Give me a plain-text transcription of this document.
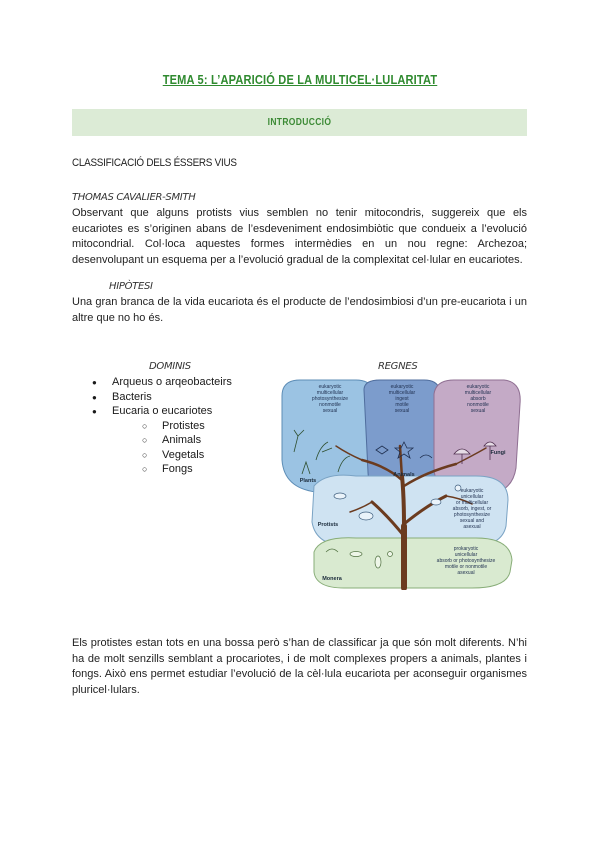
TEMA 5: L’APARICIÓ DE LA MULTICEL·LULARITAT
INTRODUCCIÓ
CLASSIFICACIÓ DELS ÉSSERS VIUS
THOMAS CAVALIER-SMITH
Observant que alguns protists vius semblen no tenir mitocondris, suggereix que els eucariotes es s’originen abans de l’esdeveniment endosimbiòtic que condueix a l’evolució mitocondrial. Col·loca aquestes formes intermèdies en un nou regne: Archezoa; desenvolupant un esquema per a l’evolució gradual de la complexitat cel·lular en eucariotes.
HIPÒTESI
Una gran branca de la vida eucariota és el producte de l’endosimbiosi d’un pre-eucariota i un altre que no ho és.
DOMINIS	REGNES
● Arqueus o arqeobacteirs
● Bacteris
● Eucaria o eucariotes
○ Protistes
○ Animals
○ Vegetals
○ Fongs
eukaryotic
multicellular
photosynthesize
nonmotile
sexual
eukaryotic
multicellular
ingest
motile
sexual
eukaryotic
multicellular
absorb
nonmotile
sexual
eukaryotic
unicellular
or multicellular
absorb, ingest, or
photosynthesize
sexual and
asexual
prokaryotic
unicellular
absorb or photosynthesize
motile or nonmotile
asexual
Plants
Animals
Fungi
Protists
Monera
Els protistes estan tots en una bossa però s’han de classificar ja que són molt diferents. N’hi ha de molt senzills semblant a procariotes, i de molt complexes propers a animals, plantes i fongs. Això ens permet estudiar l’evolució de la cèl·lula eucariota per aconseguir organismes pluricel·lulars.
